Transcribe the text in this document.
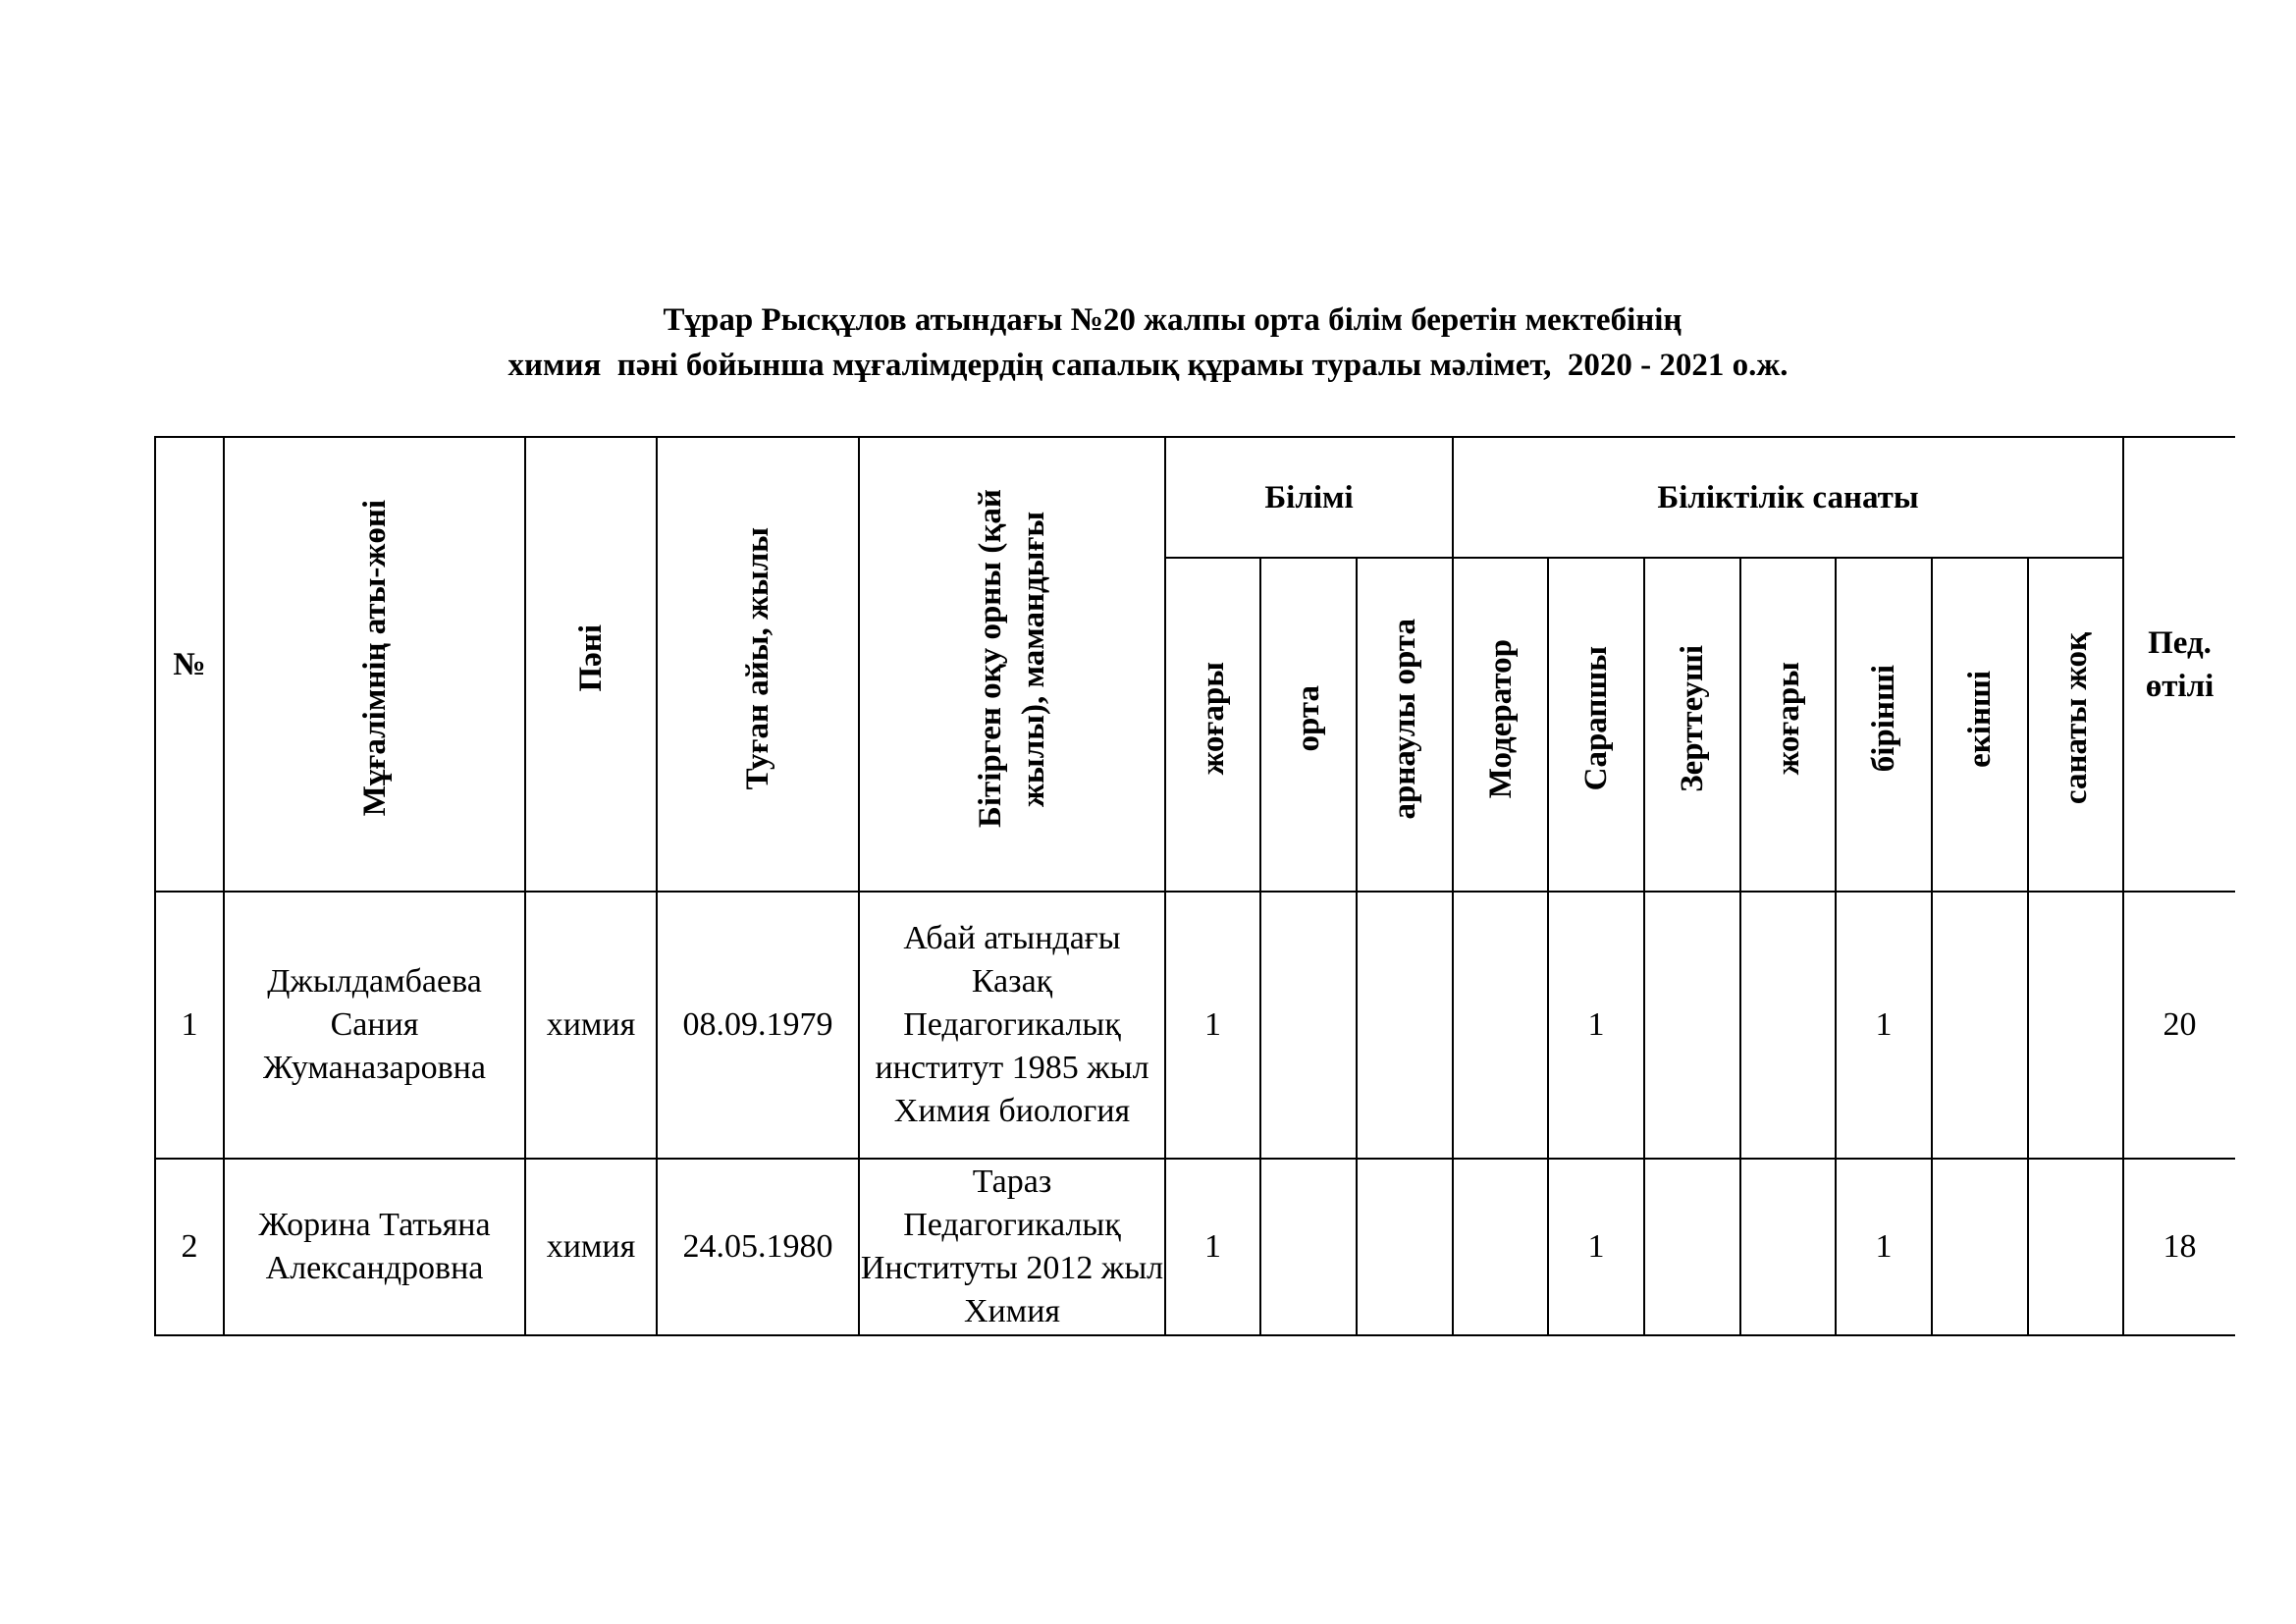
Тұрар Рысқұлов атындағы №20 жалпы орта білім беретін мектебінің
химия  пәні бойынша мұғалімдердің сапалық құрамы туралы мәлімет,  2020 - 2021 о.ж.
№	Мұғалімнің аты-жөні	Пәні	Туған айы, жылы	Бітірген оқу орны (қай жылы), мамандығы	Білімі			Біліктілік санаты							Пед. өтілі
					жоғары	орта	арнаулы орта	Модератор	Сарапшы	Зерттеуші	жоғары	бірінші	екінші	санаты жоқ	
1	Джылдамбаева Сания Жуманазаровна	химия	08.09.1979	Абай атындағы Казақ Педагогикалық институт 1985 жыл Химия биология	1				1			1			20
2	Жорина Татьяна Александровна	химия	24.05.1980	Тараз Педагогикалық Институты 2012 жыл Химия	1				1			1			18
